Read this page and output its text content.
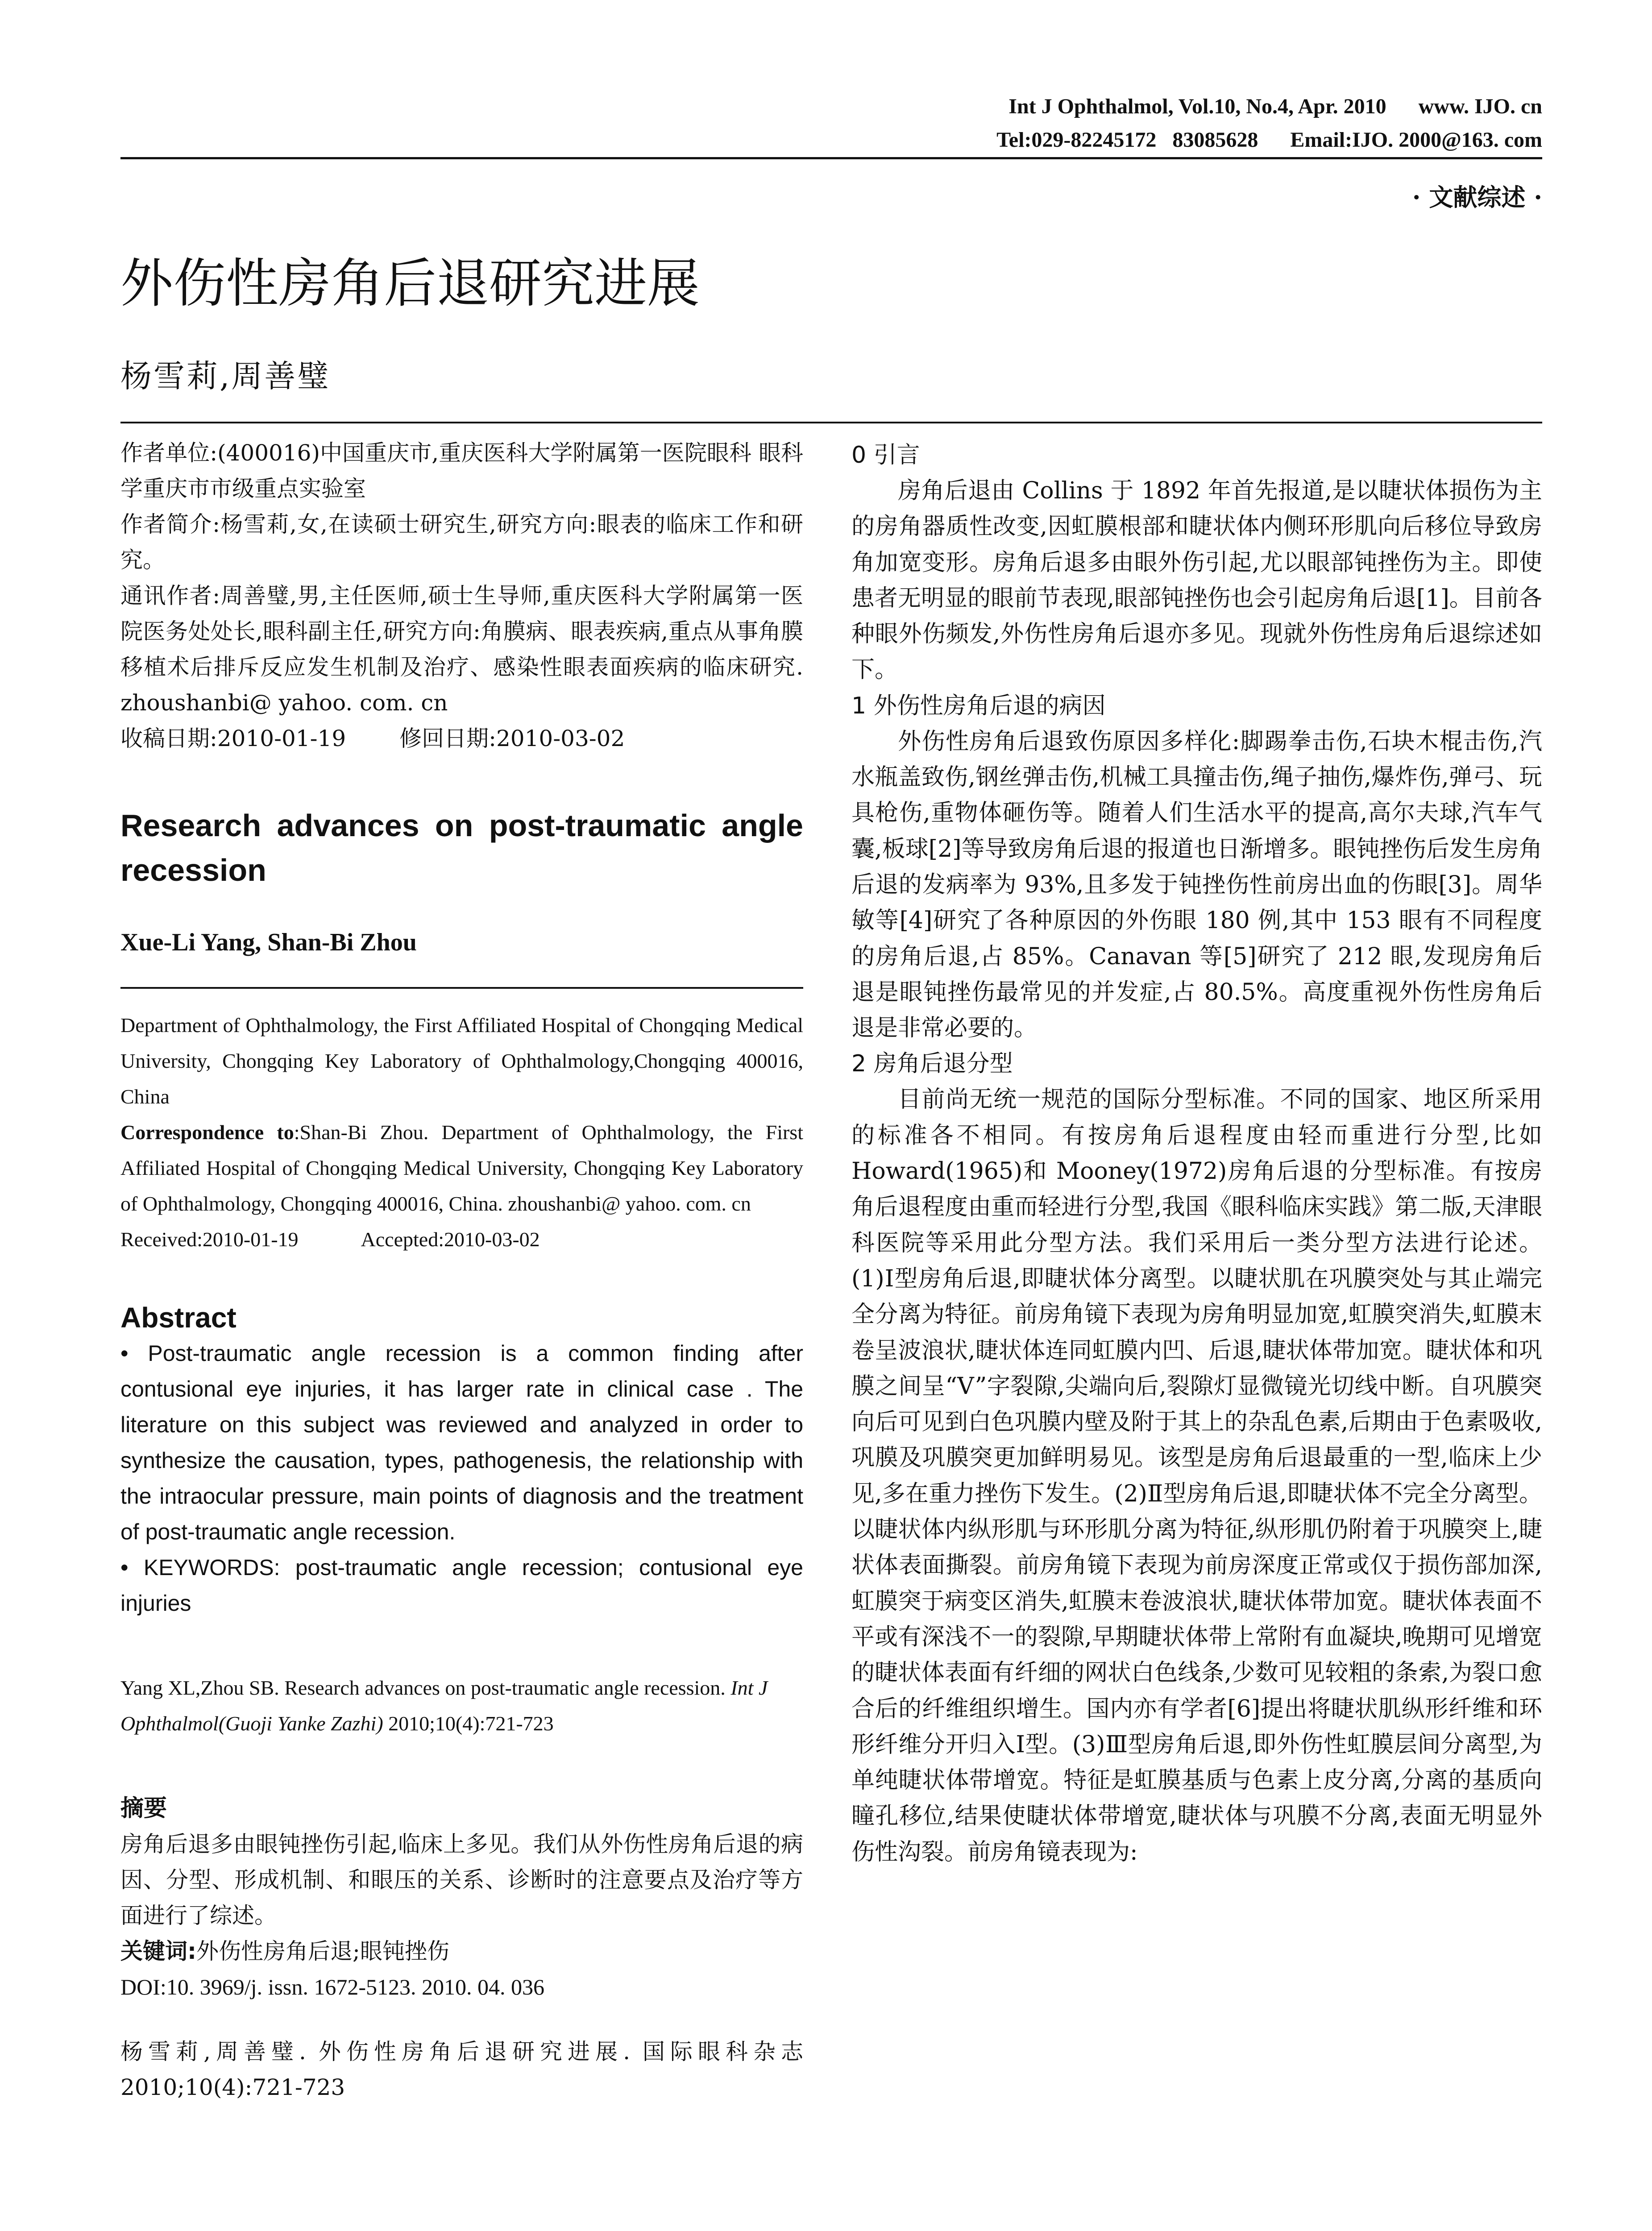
Int J Ophthalmol, Vol.10, No.4, Apr. 2010 www. IJO. cn
Tel:029-82245172   83085628 Email:IJO. 2000@163. com
· 文献综述 ·
外伤性房角后退研究进展
杨雪莉,周善璧

作者单位:(400016)中国重庆市,重庆医科大学附属第一医院眼科 眼科学重庆市市级重点实验室

作者简介:杨雪莉,女,在读硕士研究生,研究方向:眼表的临床工作和研究。

通讯作者:周善璧,男,主任医师,硕士生导师,重庆医科大学附属第一医院医务处处长,眼科副主任,研究方向:角膜病、眼表疾病,重点从事角膜移植术后排斥反应发生机制及治疗、感染性眼表面疾病的临床研究. zhoushanbi@ yahoo. com. cn

收稿日期:2010-01-19 修回日期:2010-03-02

Research advances on post-traumatic angle recession

Xue-Li Yang, Shan-Bi Zhou

Department of Ophthalmology, the First Affiliated Hospital of Chongqing Medical University, Chongqing Key Laboratory of Ophthalmology,Chongqing 400016, China

Correspondence to:Shan-Bi Zhou. Department of Ophthalmology, the First Affiliated Hospital of Chongqing Medical University, Chongqing Key Laboratory of Ophthalmology, Chongqing 400016, China. zhoushanbi@ yahoo. com. cn

Received:2010-01-19	Accepted:2010-03-02

Abstract

• Post-traumatic angle recession is a common finding after contusional eye injuries, it has larger rate in clinical case . The literature on this subject was reviewed and analyzed in order to synthesize the causation, types, pathogenesis, the relationship with the intraocular pressure, main points of diagnosis and the treatment of post-traumatic angle recession.

• KEYWORDS: post-traumatic angle recession; contusional eye injuries

Yang XL,Zhou SB. Research advances on post-traumatic angle recession. Int J Ophthalmol(Guoji Yanke Zazhi) 2010;10(4):721-723

摘要

房角后退多由眼钝挫伤引起,临床上多见。我们从外伤性房角后退的病因、分型、形成机制、和眼压的关系、诊断时的注意要点及治疗等方面进行了综述。

关键词:外伤性房角后退;眼钝挫伤

DOI:10. 3969/j. issn. 1672-5123. 2010. 04. 036

杨雪莉,周善璧. 外伤性房角后退研究进展. 国际眼科杂志 2010;10(4):721-723

0 引言

房角后退由 Collins 于 1892 年首先报道,是以睫状体损伤为主的房角器质性改变,因虹膜根部和睫状体内侧环形肌向后移位导致房角加宽变形。房角后退多由眼外伤引起,尤以眼部钝挫伤为主。即使患者无明显的眼前节表现,眼部钝挫伤也会引起房角后退[1]。目前各种眼外伤频发,外伤性房角后退亦多见。现就外伤性房角后退综述如下。

1 外伤性房角后退的病因

外伤性房角后退致伤原因多样化:脚踢拳击伤,石块木棍击伤,汽水瓶盖致伤,钢丝弹击伤,机械工具撞击伤,绳子抽伤,爆炸伤,弹弓、玩具枪伤,重物体砸伤等。随着人们生活水平的提高,高尔夫球,汽车气囊,板球[2]等导致房角后退的报道也日渐增多。眼钝挫伤后发生房角后退的发病率为 93%,且多发于钝挫伤性前房出血的伤眼[3]。周华敏等[4]研究了各种原因的外伤眼 180 例,其中 153 眼有不同程度的房角后退,占 85%。Canavan 等[5]研究了 212 眼,发现房角后退是眼钝挫伤最常见的并发症,占 80.5%。高度重视外伤性房角后退是非常必要的。

2 房角后退分型

目前尚无统一规范的国际分型标准。不同的国家、地区所采用的标准各不相同。有按房角后退程度由轻而重进行分型,比如 Howard(1965)和 Mooney(1972)房角后退的分型标准。有按房角后退程度由重而轻进行分型,我国《眼科临床实践》第二版,天津眼科医院等采用此分型方法。我们采用后一类分型方法进行论述。(1)Ⅰ型房角后退,即睫状体分离型。以睫状肌在巩膜突处与其止端完全分离为特征。前房角镜下表现为房角明显加宽,虹膜突消失,虹膜末卷呈波浪状,睫状体连同虹膜内凹、后退,睫状体带加宽。睫状体和巩膜之间呈“V”字裂隙,尖端向后,裂隙灯显微镜光切线中断。自巩膜突向后可见到白色巩膜内壁及附于其上的杂乱色素,后期由于色素吸收,巩膜及巩膜突更加鲜明易见。该型是房角后退最重的一型,临床上少见,多在重力挫伤下发生。(2)Ⅱ型房角后退,即睫状体不完全分离型。以睫状体内纵形肌与环形肌分离为特征,纵形肌仍附着于巩膜突上,睫状体表面撕裂。前房角镜下表现为前房深度正常或仅于损伤部加深,虹膜突于病变区消失,虹膜末卷波浪状,睫状体带加宽。睫状体表面不平或有深浅不一的裂隙,早期睫状体带上常附有血凝块,晚期可见增宽的睫状体表面有纤细的网状白色线条,少数可见较粗的条索,为裂口愈合后的纤维组织增生。国内亦有学者[6]提出将睫状肌纵形纤维和环形纤维分开归入Ⅰ型。(3)Ⅲ型房角后退,即外伤性虹膜层间分离型,为单纯睫状体带增宽。特征是虹膜基质与色素上皮分离,分离的基质向瞳孔移位,结果使睫状体带增宽,睫状体与巩膜不分离,表面无明显外伤性沟裂。前房角镜表现为:
